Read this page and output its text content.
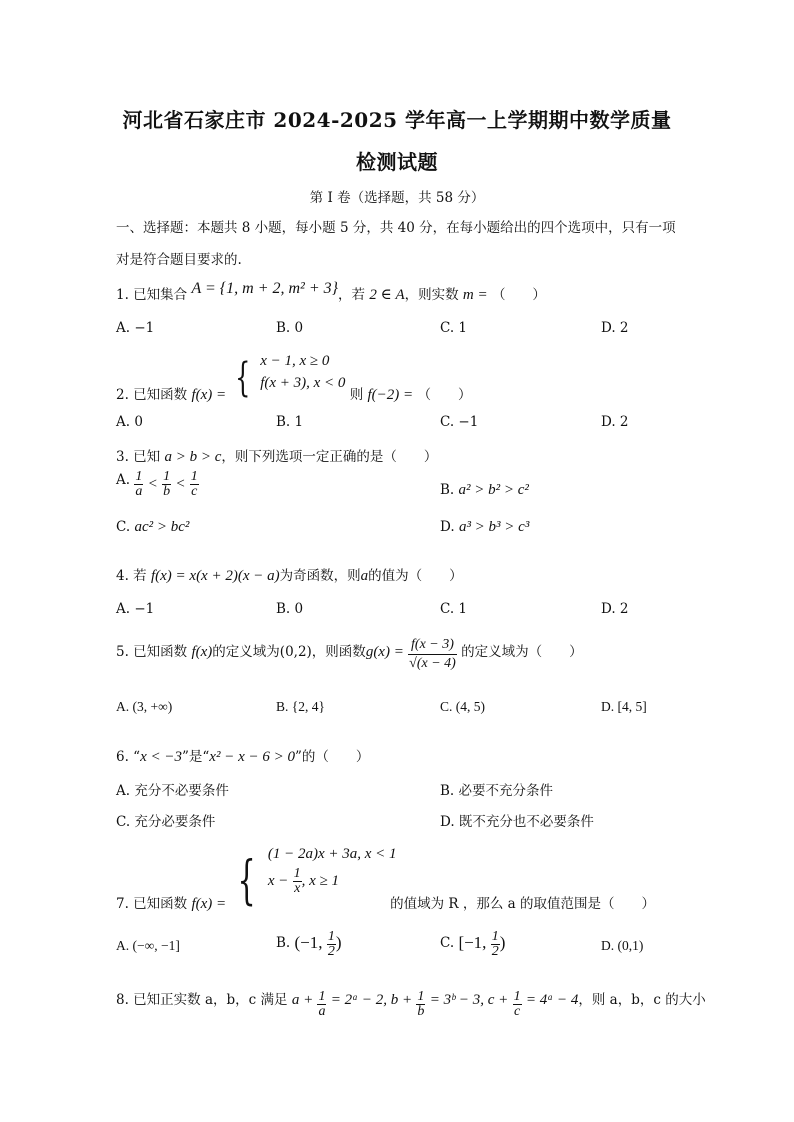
河北省石家庄市 2024-2025 学年高一上学期期中数学质量
检测试题
第 I 卷（选择题，共 58 分）
一、选择题：本题共 8 小题，每小题 5 分，共 40 分，在每小题给出的四个选项中，只有一项
对是符合题目要求的.
1. 已知集合 A = {1, m + 2, m² + 3}，若 2 ∈ A，则实数 m = （　　）
A. −1	B. 0	C. 1	D. 2
2. 已知函数 f(x) = { x − 1, x ≥ 0
f(x + 3), x < 0
则 f(−2) = （　　）
A. 0	B. 1	C. −1	D. 2
3. 已知 a > b > c，则下列选项一定正确的是（　　）
A. $\frac{1}{a} < \frac{1}{b} < \frac{1}{c}$	B. a² > b² > c²
C. ac² > bc²	D. a³ > b³ > c³
4. 若 f(x) = x(x + 2)(x − a)为奇函数，则a的值为（　　）
A. −1	B. 0	C. 1	D. 2
5. 已知函数 f(x)的定义域为(0,2)，则函数$g(x) = \frac{f(x - 3)}{√(x - 4)}$ 的定义域为（　　）
A. (3, +∞)	B. {2, 4}	C. (4, 5)	D. [4, 5]
6. “x < −3”是“x² − x − 6 > 0”的（　　）
A. 充分不必要条件	B. 必要不充分条件
C. 充分必要条件	D. 既不充分也不必要条件
7. 已知函数 f(x) = { (1 − 2a)x + 3a, x < 1
$x - \frac{1}{x}$ , x ≥ 1
的值域为 R ，那么 a 的取值范围是（　　）
A. (−∞, −1]	B. (−1, $\frac{1}{2}$ )	C. [−1, $\frac{1}{2}$ )	D. (0,1)
8. 已知正实数 a，b，c 满足 $a + \frac{1}{a}$ = 2ᵃ − 2, $b + \frac{1}{b}$ = 3ᵇ − 3, $c + \frac{1}{c}$ = 4ᵃ − 4，则 a，b，c 的大小
